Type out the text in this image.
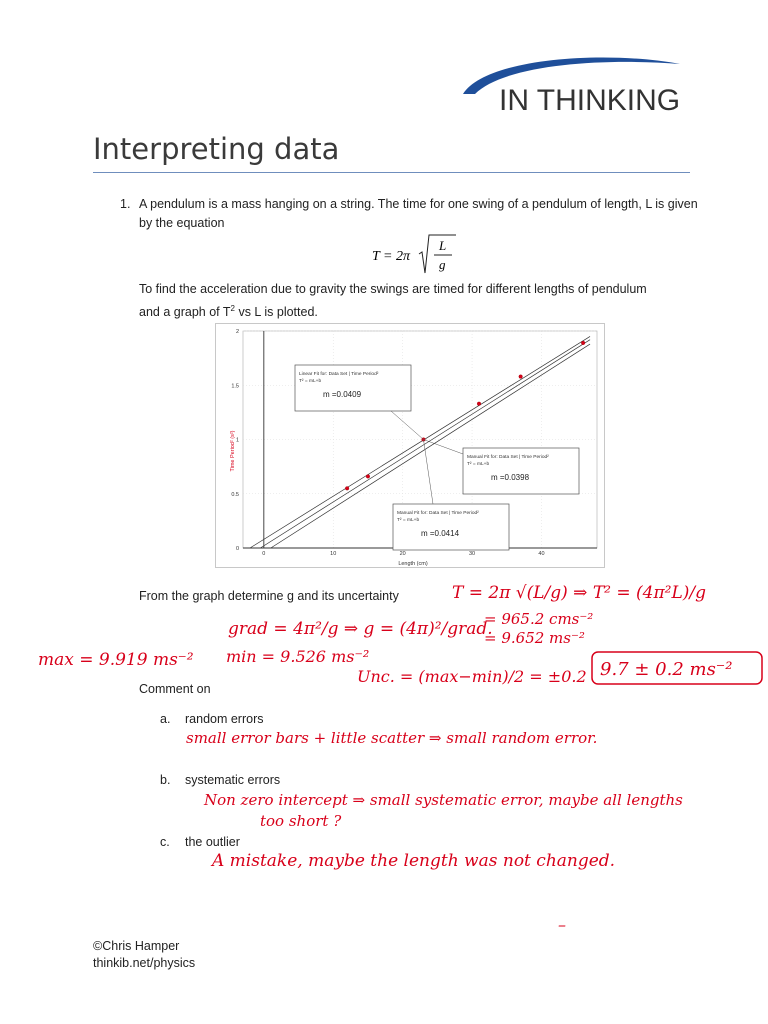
IN THINKING
Interpreting data
1. A pendulum is a mass hanging on a string. The time for one swing of a pendulum of length, L is given by the equation
T = 2π
L
g
To find the acceleration due to gravity the swings are timed for different lengths of pendulum and a graph of $T^2$ vs L is plotted.
0	10	20	30	40
0
0.5
1
1.5
2
Linear Fit for: Data Set | Time Period²
T² = mL+b
m =0.0409
Manual Fit for: Data Set | Time Period²
T² = mL+b
m =0.0398
Manual Fit for: Data Set | Time Period²
T² = mL+b
m =0.0414
Length (cm)
Time Period² (s²)
From the graph determine g and its uncertainty
Comment on
a.	random errors
b.	systematic errors
c.	the outlier
T = 2π √(L/g) ⇒ T² = (4π²L)/g
grad = 4π²/g ⇒ g = (4π)²/grad.
= 965.2 cms⁻²
= 9.652 ms⁻²
max = 9.919 ms⁻² min = 9.526 ms⁻²
Unc. = (max−min)/2 = ±0.2 9.7 ± 0.2 ms⁻²
small error bars + little scatter ⇒ small random error.
Non zero intercept ⇒ small systematic error, maybe all lengths
too short ?
A mistake, maybe the length was not changed.
–
©Chris Hamper
thinkib.net/physics
